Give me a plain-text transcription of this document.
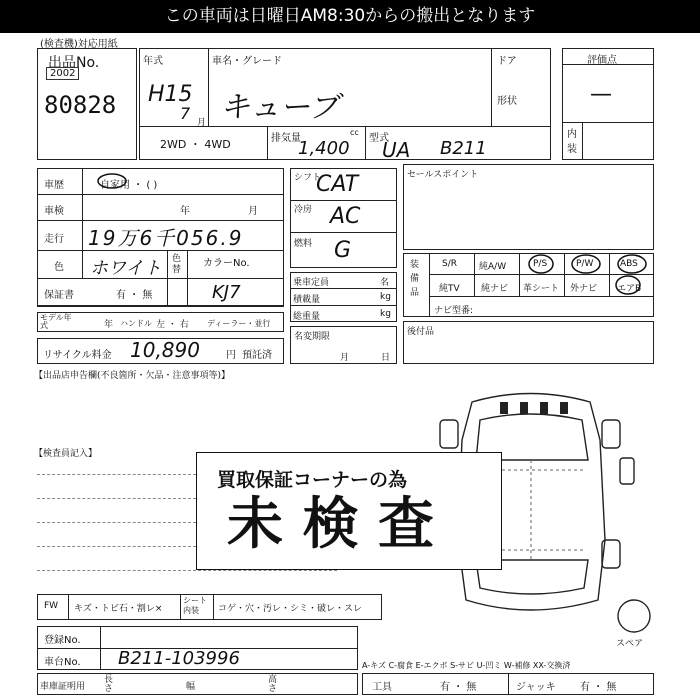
この車両は日曜日AM8:30からの搬出となります
(検査機)対応用紙
出品No.
2002
80828
年式
H15
7 月
車名・グレード
キューブ
ドア
形状
2WD ・ 4WD	排気量
1,400
cc
型式
UA B211
評価点
—
内装
車歴	自家用 ・ ( )
車検	年	月
走行 19万6千056.9
色 ホワイト 色替
カラーNo.
KJ7
保証書	有 ・ 無
モデル年式	年 ハンドル 左 ・ 右 ディーラー・並行
リサイクル料金 10,890	円 預託済
シフト
CAT
冷房 AC
燃料 G
乗車定員	名
積載量	kg
総重量	kg
名変期限
月	日
セールスポイント
装備品
S/R 純A/W	P/S	P/W	ABS
純TV 純ナビ 革シート 外ナビ エアB
ナビ型番:
後付品
【出品店申告欄(不良箇所・欠品・注意事項等)】
【検査員記入】
スペア
買取保証コーナーの為
未 検 査
FW キズ・トビ石・割レ×
シート内装	コゲ・穴・汚レ・シミ・破レ・スレ
登録No.
車台No. B211-103996
車庫証明用
長さ	幅
高さ
A-キズ C-腐食 E-エクボ S-サビ U-凹ミ W-補修 XX-交換済
工具	有 ・ 無	ジャッキ 有 ・ 無
